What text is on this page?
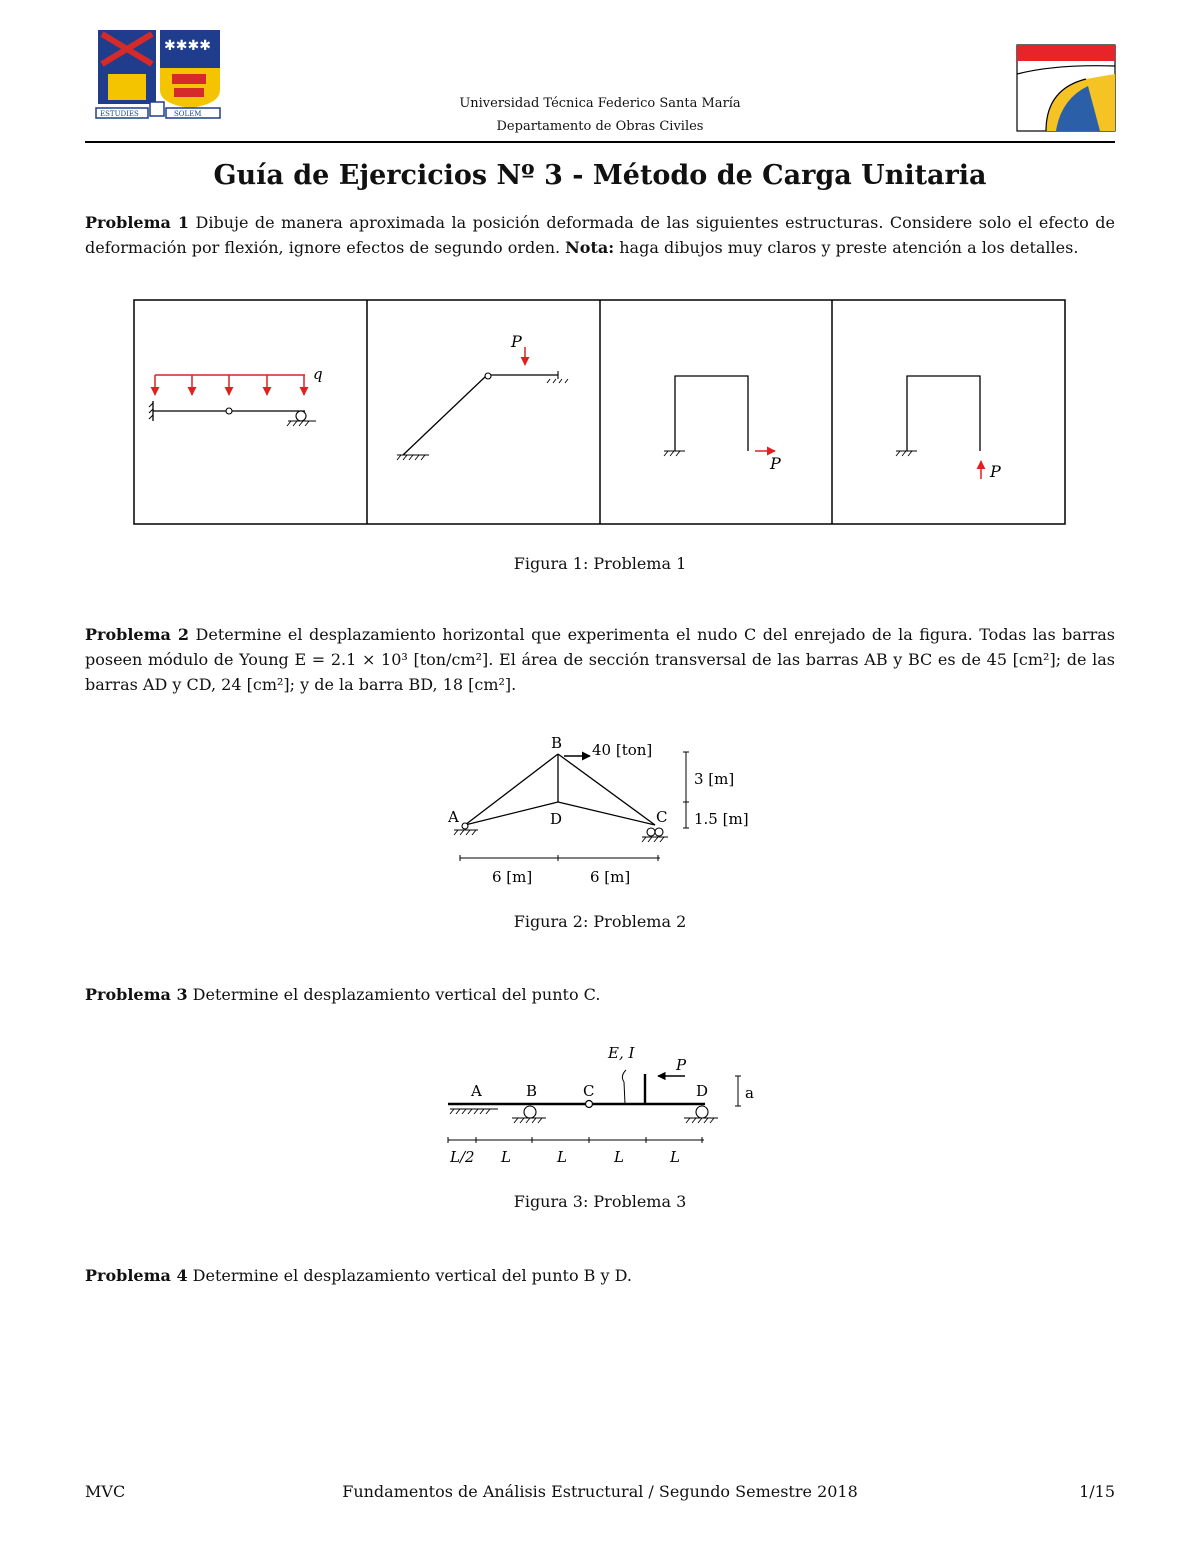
✱✱✱✱
ESTUDIES	SOLEM
Universidad Técnica Federico Santa María
Departamento de Obras Civiles
Guía de Ejercicios Nº 3 - Método de Carga Unitaria
Problema 1 Dibuje de manera aproximada la posición deformada de las siguientes estructuras. Considere solo el efecto de deformación por flexión, ignore efectos de segundo orden. Nota: haga dibujos muy claros y preste atención a los detalles.
q
P
P	P
Figura 1: Problema 1
Problema 2 Determine el desplazamiento horizontal que experimenta el nudo C del enrejado de la figura. Todas las barras poseen módulo de Young E = 2.1 × 10³ [ton/cm²]. El área de sección transversal de las barras AB y BC es de 45 [cm²]; de las barras AD y CD, 24 [cm²]; y de la barra BD, 18 [cm²].
A
B
C
D
40 [ton]
3 [m]
1.5 [m]
6 [m]	6 [m]
Figura 2: Problema 2
Problema 3 Determine el desplazamiento vertical del punto C.
E, I
P
A	B	C	D a
L/2 L	L	L	L
Figura 3: Problema 3
Problema 4 Determine el desplazamiento vertical del punto B y D.
MVC	Fundamentos de Análisis Estructural / Segundo Semestre 2018	1/15
